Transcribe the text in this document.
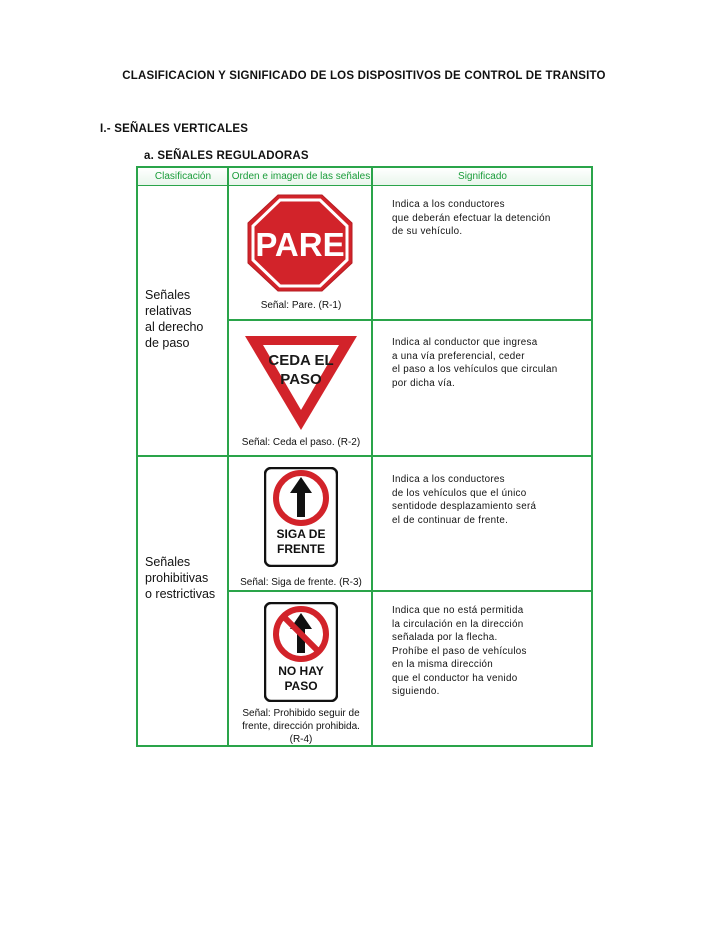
CLASIFICACION Y SIGNIFICADO DE LOS DISPOSITIVOS DE CONTROL DE TRANSITO
I.- SEÑALES VERTICALES
a. SEÑALES REGULADORAS
Clasificación	Orden e imagen de las señales	Significado
Señales
relativas
al derecho
de paso
Señales
prohibitivas
o restrictivas
PARE
Señal: Pare. (R-1)
Indica a los conductores
que deberán efectuar la detención
de su vehículo.
CEDA EL
PASO
Señal: Ceda el paso. (R-2)
Indica al conductor que ingresa
a una vía preferencial, ceder
el paso a los vehículos que circulan
por dicha vía.
SIGA DE
FRENTE
Señal: Siga de frente. (R-3)
Indica a los conductores
de los vehículos que el único
sentidode desplazamiento será
el de continuar de frente.
NO HAY
PASO
Señal: Prohibido seguir de
frente, dirección prohibida.
(R-4)
Indica que no está permitida
la circulación en la dirección
señalada por la flecha.
Prohíbe el paso de vehículos
en la misma dirección
que el conductor ha venido
siguiendo.
